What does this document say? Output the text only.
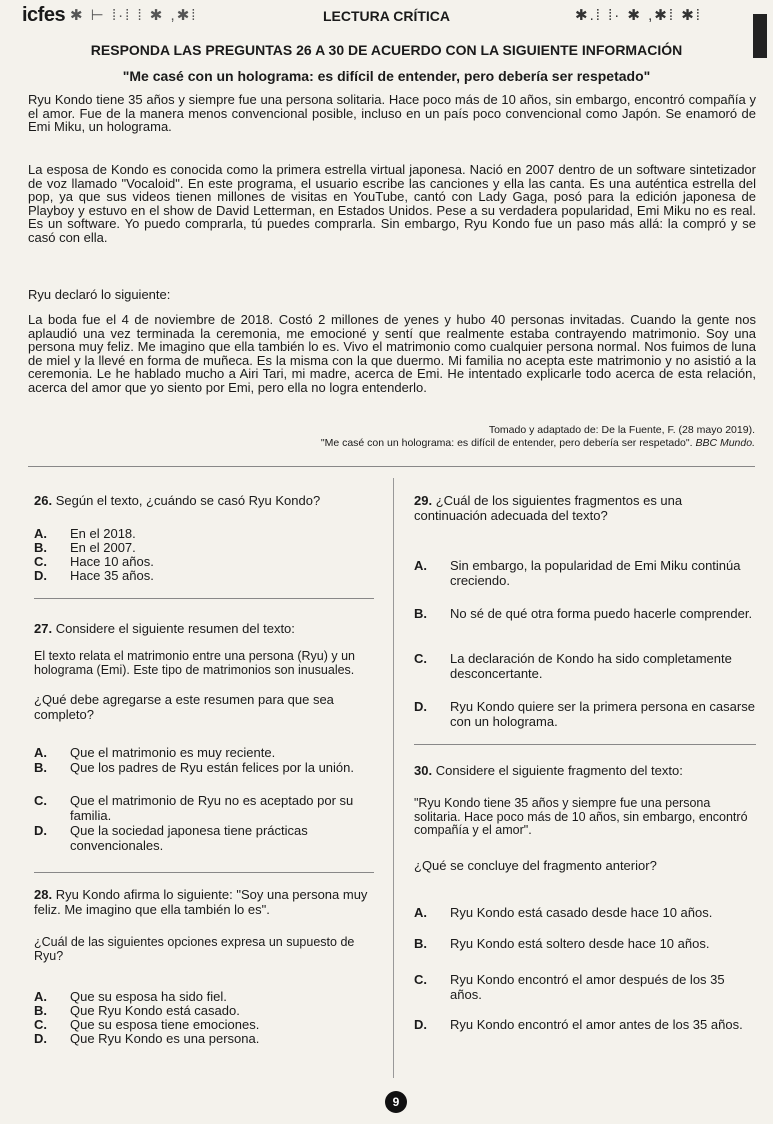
icfes ✱ ⊢ ⁞·⁞ ⁞ ✱ ,✱⁞	LECTURA CRÍTICA	✱.⁞ ⁞· ✱ ,✱⁞ ✱⁞
RESPONDA LAS PREGUNTAS 26 A 30 DE ACUERDO CON LA SIGUIENTE INFORMACIÓN
"Me casé con un holograma: es difícil de entender, pero debería ser respetado"

Ryu Kondo tiene 35 años y siempre fue una persona solitaria. Hace poco más de 10 años, sin embargo, encontró compañía y el amor. Fue de la manera menos convencional posible, incluso en un país poco convencional como Japón. Se enamoró de Emi Miku, un holograma.

La esposa de Kondo es conocida como la primera estrella virtual japonesa. Nació en 2007 dentro de un software sintetizador de voz llamado "Vocaloid". En este programa, el usuario escribe las canciones y ella las canta. Es una auténtica estrella del pop, ya que sus videos tienen millones de visitas en YouTube, cantó con Lady Gaga, posó para la edición japonesa de Playboy y estuvo en el show de David Letterman, en Estados Unidos. Pese a su verdadera popularidad, Emi Miku no es real. Es un software. Yo puedo comprarla, tú puedes comprarla. Sin embargo, Ryu Kondo fue un paso más allá: la compró y se casó con ella.

Ryu declaró lo siguiente:

La boda fue el 4 de noviembre de 2018. Costó 2 millones de yenes y hubo 40 personas invitadas. Cuando la gente nos aplaudió una vez terminada la ceremonia, me emocioné y sentí que realmente estaba contrayendo matrimonio. Soy una persona muy feliz. Me imagino que ella también lo es. Vivo el matrimonio como cualquier persona normal. Nos fuimos de luna de miel y la llevé en forma de muñeca. Es la misma con la que duermo. Mi familia no acepta este matrimonio y no asistió a la ceremonia. Le he hablado mucho a Airi Tari, mi madre, acerca de Emi. He intentado explicarle todo acerca de esta relación, acerca del amor que yo siento por Emi, pero ella no logra entenderlo.

Tomado y adaptado de: De la Fuente, F. (28 mayo 2019).
"Me casé con un holograma: es difícil de entender, pero debería ser respetado". BBC Mundo.
26. Según el texto, ¿cuándo se casó Ryu Kondo?
A.	En el 2018.
B.	En el 2007.
C.	Hace 10 años.
D.	Hace 35 años.
27. Considere el siguiente resumen del texto:
El texto relata el matrimonio entre una persona (Ryu) y un holograma (Emi). Este tipo de matrimonios son inusuales.
¿Qué debe agregarse a este resumen para que sea completo?
A.	Que el matrimonio es muy reciente.
B.	Que los padres de Ryu están felices por la unión.
C.	Que el matrimonio de Ryu no es aceptado por su familia.
D.	Que la sociedad japonesa tiene prácticas convencionales.
28. Ryu Kondo afirma lo siguiente: "Soy una persona muy feliz. Me imagino que ella también lo es".
¿Cuál de las siguientes opciones expresa un supuesto de Ryu?
A.	Que su esposa ha sido fiel.
B.	Que Ryu Kondo está casado.
C.	Que su esposa tiene emociones.
D.	Que Ryu Kondo es una persona.
29. ¿Cuál de los siguientes fragmentos es una continuación adecuada del texto?
A.	Sin embargo, la popularidad de Emi Miku continúa creciendo.
B.	No sé de qué otra forma puedo hacerle comprender.
C.	La declaración de Kondo ha sido completamente desconcertante.
D.	Ryu Kondo quiere ser la primera persona en casarse con un holograma.
30. Considere el siguiente fragmento del texto:
"Ryu Kondo tiene 35 años y siempre fue una persona solitaria. Hace poco más de 10 años, sin embargo, encontró compañía y el amor".
¿Qué se concluye del fragmento anterior?
A.	Ryu Kondo está casado desde hace 10 años.
B.	Ryu Kondo está soltero desde hace 10 años.
C.	Ryu Kondo encontró el amor después de los 35 años.
D.	Ryu Kondo encontró el amor antes de los 35 años.
9
